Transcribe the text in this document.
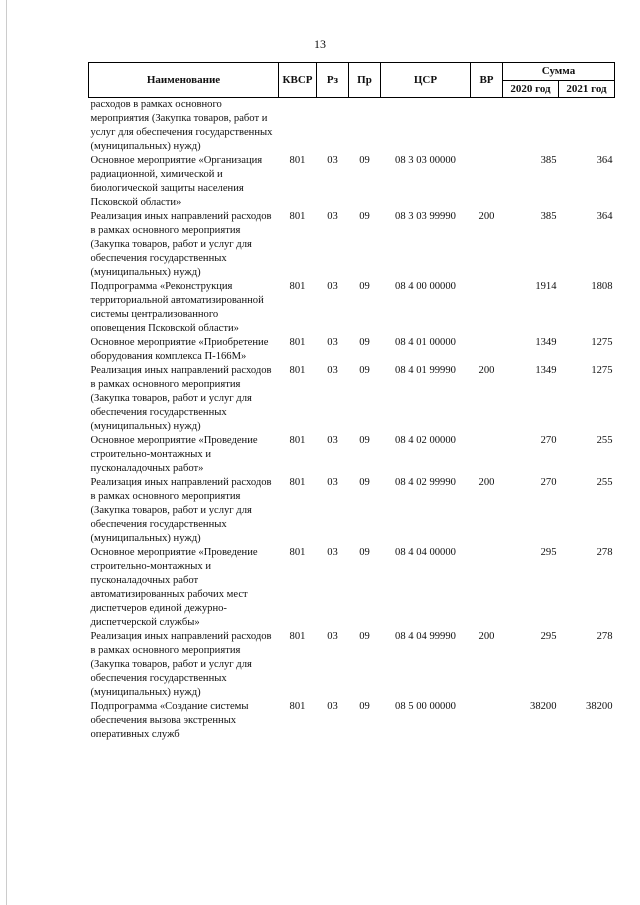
13
Наименование	КВСР	Рз	Пр	ЦСР	ВР	Сумма	
						2020 год	2021 год
расходов в рамках основного мероприятия (Закупка товаров, работ и услуг для обеспечения государственных (муниципальных) нужд)							
Основное мероприятие «Организация радиационной, химической и биологической защиты населения Псковской области»	801	03	09	08 3 03 00000		385	364
Реализация иных направлений расходов в рамках основного мероприятия (Закупка товаров, работ и услуг для обеспечения государственных (муниципальных) нужд)	801	03	09	08 3 03 99990	200	385	364
Подпрограмма «Реконструкция территориальной автоматизированной системы централизованного оповещения Псковской области»	801	03	09	08 4 00 00000		1914	1808
Основное мероприятие «Приобретение оборудования комплекса П-166М»	801	03	09	08 4 01 00000		1349	1275
Реализация иных направлений расходов в рамках основного мероприятия (Закупка товаров, работ и услуг для обеспечения государственных (муниципальных) нужд)	801	03	09	08 4 01 99990	200	1349	1275
Основное мероприятие «Проведение строительно-монтажных и пусконаладочных работ»	801	03	09	08 4 02 00000		270	255
Реализация иных направлений расходов в рамках основного мероприятия (Закупка товаров, работ и услуг для обеспечения государственных (муниципальных) нужд)	801	03	09	08 4 02 99990	200	270	255
Основное мероприятие «Проведение строительно-монтажных и пусконаладочных работ автоматизированных рабочих мест диспетчеров единой дежурно-диспетчерской службы»	801	03	09	08 4 04 00000		295	278
Реализация иных направлений расходов в рамках основного мероприятия (Закупка товаров, работ и услуг для обеспечения государственных (муниципальных) нужд)	801	03	09	08 4 04 99990	200	295	278
Подпрограмма «Создание системы обеспечения вызова экстренных оперативных служб	801	03	09	08 5 00 00000		38200	38200
